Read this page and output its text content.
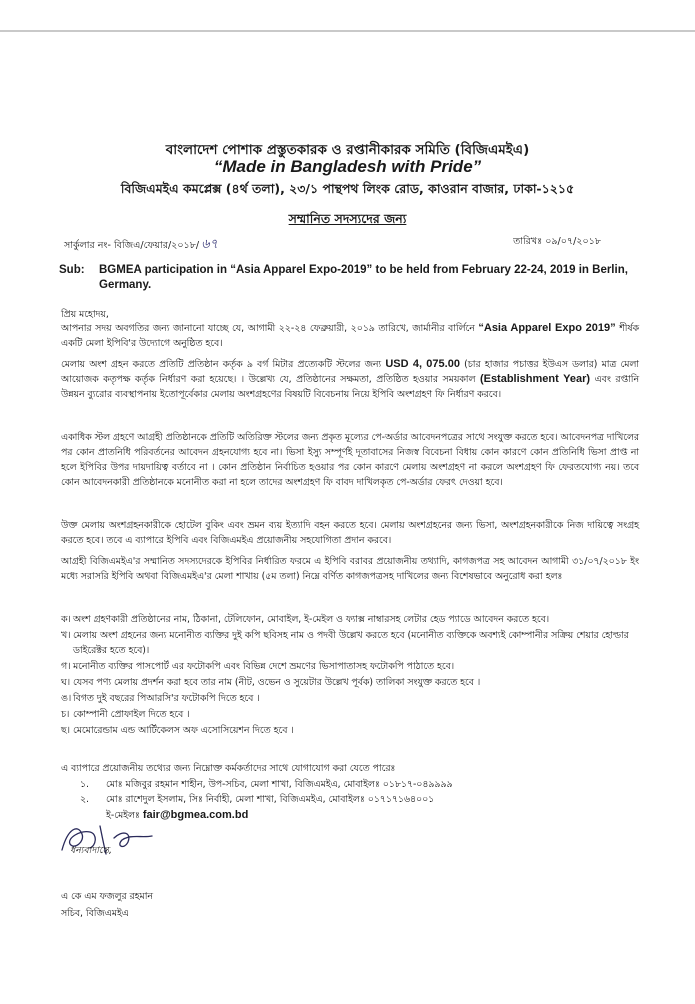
বাংলাদেশ পোশাক প্রস্তুতকারক ও রপ্তানীকারক সমিতি (বিজিএমইএ)
“Made in Bangladesh with Pride”
বিজিএমইএ কমপ্লেক্স (৪র্থ তলা), ২৩/১ পান্থপথ লিংক রোড, কাওরান বাজার, ঢাকা-১২১৫
সম্মানিত সদস্যদের জন্য
সার্কুলার নং- বিজিএ/ফেয়ার/২০১৮/ ৬৭	তারিখঃ ০৯/০৭/২০১৮
Sub: BGMEA participation in “Asia Apparel Expo-2019” to be held from February 22-24, 2019 in Berlin, Germany.
প্রিয় মহোদয়,
আপনার সদয় অবগতির জন্য জানানো যাচ্ছে যে, আগামী ২২-২৪ ফেব্রুয়ারী, ২০১৯ তারিখে, জার্মানীর বার্লিনে “Asia Apparel Expo 2019” শীর্ষক একটি মেলা ইপিবি'র উদ্যোগে অনুষ্ঠিত হবে।
মেলায় অংশ গ্রহন করতে প্রতিটি প্রতিষ্ঠান কর্তৃক ৯ বর্গ মিটার প্রত্যেকটি স্টলের জন্য USD 4, 075.00 (চার হাজার পচাত্তর ইউএস ডলার) মাত্র মেলা আয়োজক কতৃপক্ষ কর্তৃক নির্ধারণ করা হয়েছে। । উল্লেখ্য যে, প্রতিষ্ঠানের সক্ষমতা, প্রতিষ্ঠিত হওয়ার সময়কাল (Establishment Year) এবং রপ্তানি উন্নয়ন ব্যুরোর ব্যবস্থাপনায় ইতোপূর্বেকার মেলায় অংশগ্রহণের বিষয়টি বিবেচনায় নিয়ে ইপিবি অংশগ্রহণ ফি নির্ধারণ করবে।
একাধিক স্টল গ্রহণে আগ্রহী প্রতিষ্ঠানকে প্রতিটি অতিরিক্ত স্টলের জন্য প্রকৃত মূল্যের পে-অর্ডার আবেদনপত্রের সাথে সংযুক্ত করতে হবে। আবেদনপত্র দাখিলের পর কোন প্রাতনিধি পরিবর্তনের আবেদন গ্রহনযোগ্য হবে না। ভিসা ইস্যু সম্পূর্ণই দূতাবাসের নিজস্ব বিবেচনা বিধায় কোন কারণে কোন প্রতিনিধি ভিসা প্রাপ্ত না হলে ইপিবির উপর দায়দায়িত্ব বর্তাবে না । কোন প্রতিষ্ঠান নির্বাচিত হওয়ার পর কোন কারণে মেলায় অংশগ্রহণ না করলে অংশগ্রহণ ফি ফেরতযোগ্য নয়। তবে কোন আবেদনকারী প্রতিষ্ঠানকে মনোনীত করা না হলে তাদের অংশগ্রহণ ফি বাবদ দাখিলকৃত পে-অর্ডার ফেরৎ দেওয়া হবে।
উক্ত মেলায় অংশগ্রহনকারীকে হোটেল বুকিং এবং ভ্রমন ব্যয় ইত্যাদি বহন করতে হবে। মেলায় অংশগ্রহনের জন্য ভিসা, অংশগ্রহনকারীকে নিজ দায়িত্বে সংগ্রহ করতে হবে। তবে এ ব্যাপারে ইপিবি এবং বিজিএমইএ প্রয়োজনীয় সহযোগিতা প্রদান করবে।
আগ্রহী বিজিএমইএ'র সম্মানিত সদস্যদেরকে ইপিবির নির্ধারিত ফরমে এ ইপিবি বরাবর প্রয়োজনীয় তথ্যাদি, কাগজপত্র সহ আবেদন আগামী ৩১/০৭/২০১৮ ইং মধ্যে সরাসরি ইপিবি অথবা বিজিএমইএ'র মেলা শাখায় (৫ম তলা) নিম্নে বর্ণিত কাগজপত্রসহ দাখিলের জন্য বিশেষভাবে অনুরোধ করা হলঃ
ক। অংশ গ্রহণকারী প্রতিষ্ঠানের নাম, ঠিকানা, টেলিফোন, মোবাইল, ই-মেইল ও ফ্যাক্স নাম্বারসহ লেটার হেড প্যাডে আবেদন করতে হবে।
খ। মেলায় অংশ গ্রহনের জন্য মনোনীত ব্যক্তির দুই কপি ছবিসহ নাম ও পদবী উল্লেখ করতে হবে (মনোনীত ব্যক্তিকে অবশ্যই কোম্পানীর সক্রিয় শেয়ার হোল্ডার ডাইরেক্টর হতে হবে)।
গ। মনোনীত ব্যক্তির পাসপোর্ট এর ফটোকপি এবং বিভিন্ন দেশে ভ্রমণের ভিসাপাতাসহ ফটোকপি পাঠাতে হবে।
ঘ। যেসব পণ্য মেলায় প্রদর্শন করা হবে তার নাম (নীট, ওভেন ও সুয়েটার উল্লেখ পূর্বক) তালিকা সংযুক্ত করতে হবে ।
ঙ। বিগত দুই বছরের পিআরসি'র ফটোকপি দিতে হবে ।
চ। কোম্পানী প্রোফাইল দিতে হবে ।
ছ। মেমোরেন্ডাম এন্ড আর্টিকেলস অফ এসোসিয়েশন দিতে হবে ।
এ ব্যাপারে প্রয়োজনীয় তথ্যের জন্য নিম্নোক্ত কর্মকর্তাদের সাথে যোগাযোগ করা যেতে পারেঃ
১. মোঃ মজিবুর রহমান শাহীন, উপ-সচিব, মেলা শাখা, বিজিএমইএ, মোবাইলঃ ০১৮১৭-০৪৯৯৯৯
২. মোঃ রাশেদুল ইসলাম, সিঃ নির্বাহী, মেলা শাখা, বিজিএমইএ, মোবাইলঃ ০১৭১৭১৬৪০০১
ই-মেইলঃ fair@bgmea.com.bd
ধন্যবাদান্তে,
এ কে এম ফজলুর রহমান
সচিব, বিজিএমইএ
